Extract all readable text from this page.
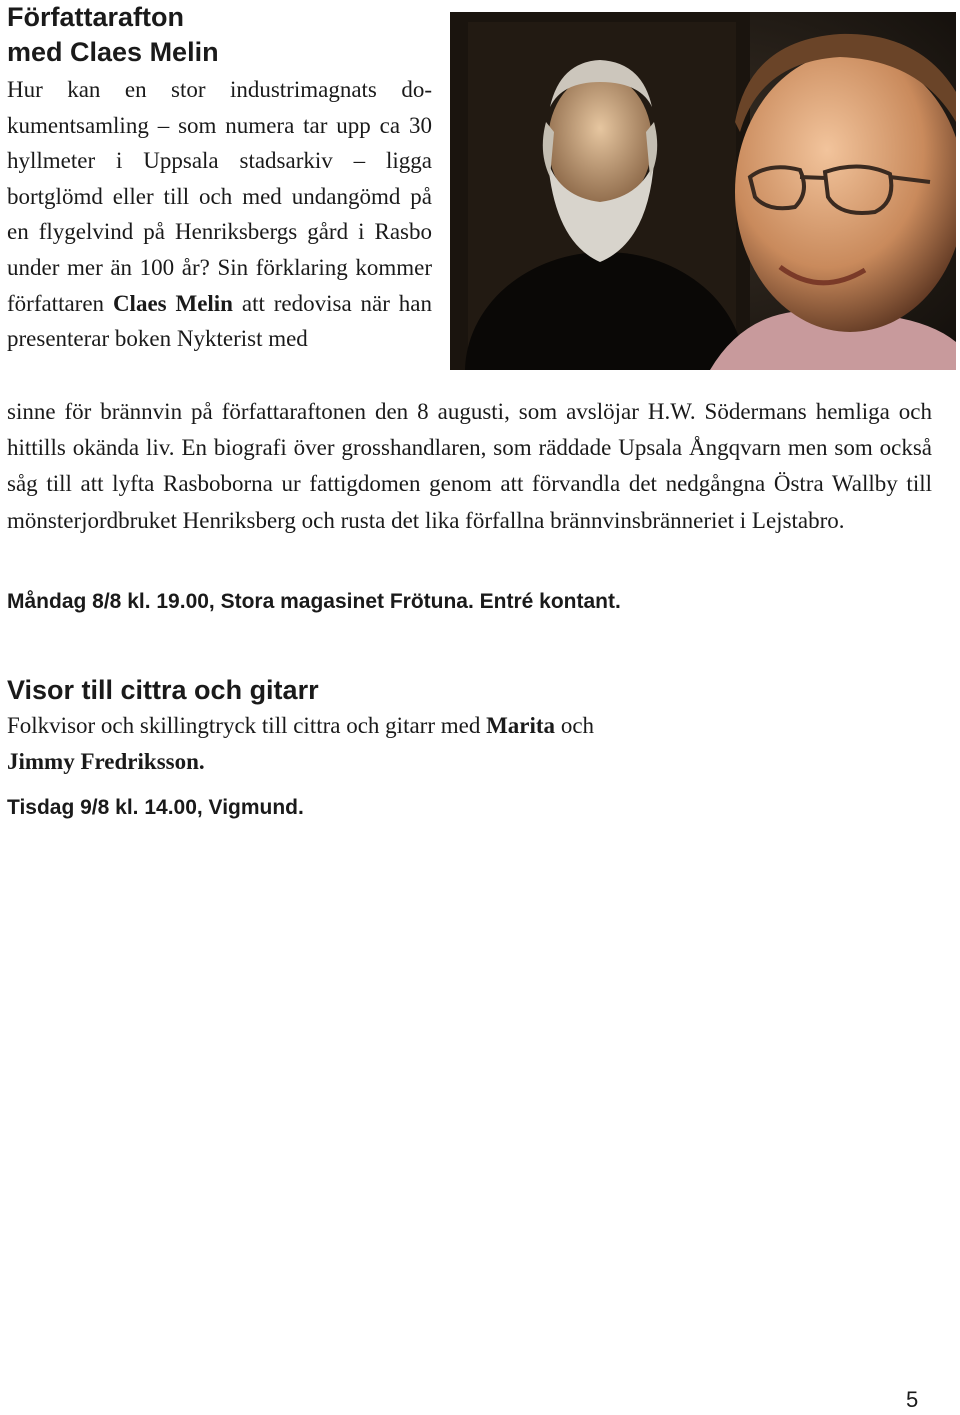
Författarafton
med Claes Melin

Hur kan en stor industrimagnats dokumentsamling – som numera tar upp ca 30 hyllmeter i Uppsala stadsarkiv – ligga bortglömd eller till och med undangömd på en flygelvind på Henriksbergs gård i Rasbo under mer än 100 år? Sin förklaring kommer författaren Claes Melin att redovisa när han presenterar boken Nykterist med

sinne för brännvin på författaraftonen den 8 augusti, som avslöjar H.W. Södermans hemliga och hittills okända liv. En biografi över grosshandlaren, som räddade Upsala Ångqvarn men som också såg till att lyfta Rasboborna ur fattigdomen genom att förvandla det nedgångna Östra Wallby till mönsterjordbruket Henriksberg och rusta det lika förfallna brännvinsbränneriet i Lejstabro.

Måndag 8/8 kl. 19.00, Stora magasinet Frötuna. Entré kontant.

Visor till cittra och gitarr

Folkvisor och skillingtryck till cittra och gitarr med Marita och
Jimmy Fredriksson.

Tisdag 9/8 kl. 14.00, Vigmund.

5
